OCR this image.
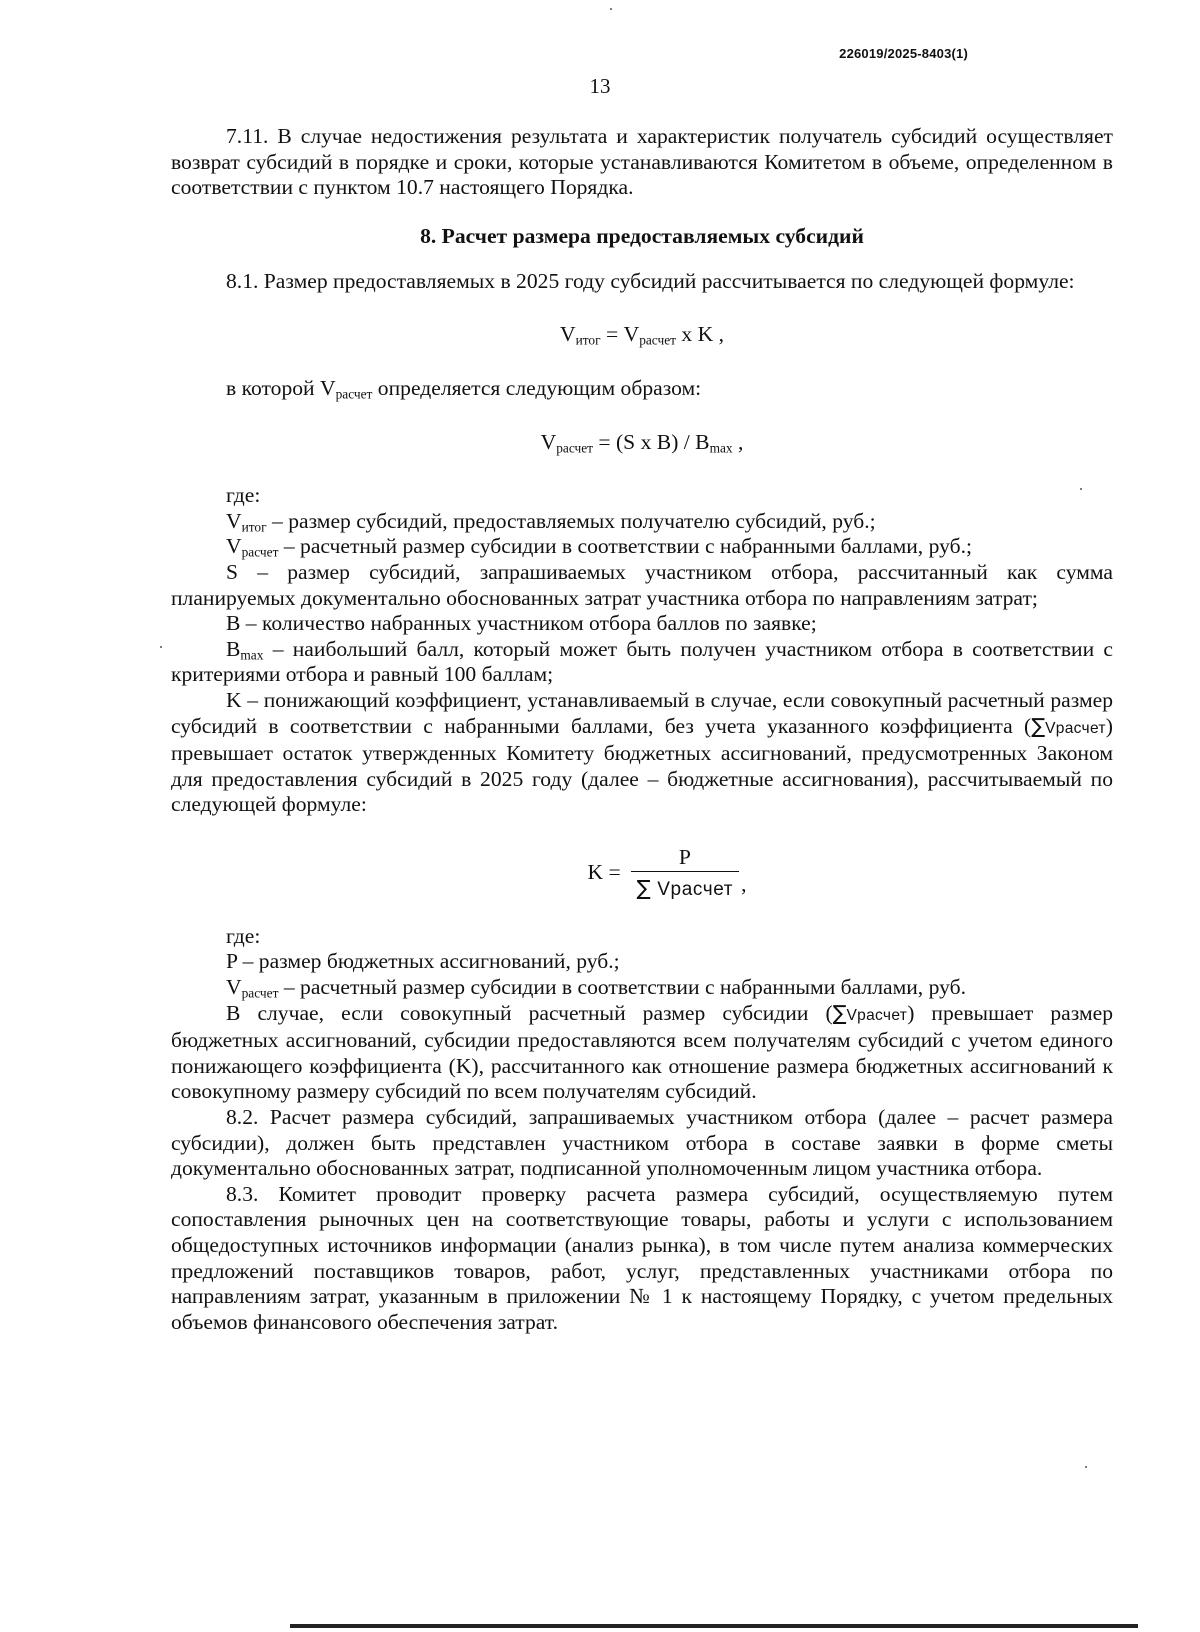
226019/2025-8403(1)
13

7.11. В случае недостижения результата и характеристик получатель субсидий осуществляет возврат субсидий в порядке и сроки, которые устанавливаются Комитетом в объеме, определенном в соответствии с пунктом 10.7 настоящего Порядка.

8. Расчет размера предоставляемых субсидий

8.1. Размер предоставляемых в 2025 году субсидий рассчитывается по следующей формуле:

$V_{итог} = V_{расчет}$ x K ,

в которой $V_{расчет}$ определяется следующим образом:

$V_{расчет} = (S$ x $B) / B_{max}$ ,

где:

$V_{итог}$ – размер субсидий, предоставляемых получателю субсидий, руб.;

$V_{расчет}$ – расчетный размер субсидии в соответствии с набранными баллами, руб.;

S – размер субсидий, запрашиваемых участником отбора, рассчитанный как сумма планируемых документально обоснованных затрат участника отбора по направлениям затрат;

B – количество набранных участником отбора баллов по заявке;

$B_{max}$ – наибольший балл, который может быть получен участником отбора в соответствии с критериями отбора и равный 100 баллам;

K – понижающий коэффициент, устанавливаемый в случае, если совокупный расчетный размер субсидий в соответствии с набранными баллами, без учета указанного коэффициента (∑Vрасчет) превышает остаток утвержденных Комитету бюджетных ассигнований, предусмотренных Законом для предоставления субсидий в 2025 году (далее – бюджетные ассигнования), рассчитываемый по следующей формуле:

$K = \frac{P}{\text{∑ Vрасчет}}$ ,

где:

P – размер бюджетных ассигнований, руб.;

$V_{расчет}$ – расчетный размер субсидии в соответствии с набранными баллами, руб.

В случае, если совокупный расчетный размер субсидии (∑Vрасчет) превышает размер бюджетных ассигнований, субсидии предоставляются всем получателям субсидий с учетом единого понижающего коэффициента (K), рассчитанного как отношение размера бюджетных ассигнований к совокупному размеру субсидий по всем получателям субсидий.

8.2. Расчет размера субсидий, запрашиваемых участником отбора (далее – расчет размера субсидии), должен быть представлен участником отбора в составе заявки в форме сметы документально обоснованных затрат, подписанной уполномоченным лицом участника отбора.

8.3. Комитет проводит проверку расчета размера субсидий, осуществляемую путем сопоставления рыночных цен на соответствующие товары, работы и услуги с использованием общедоступных источников информации (анализ рынка), в том числе путем анализа коммерческих предложений поставщиков товаров, работ, услуг, представленных участниками отбора по направлениям затрат, указанным в приложении № 1 к настоящему Порядку, с учетом предельных объемов финансового обеспечения затрат.
